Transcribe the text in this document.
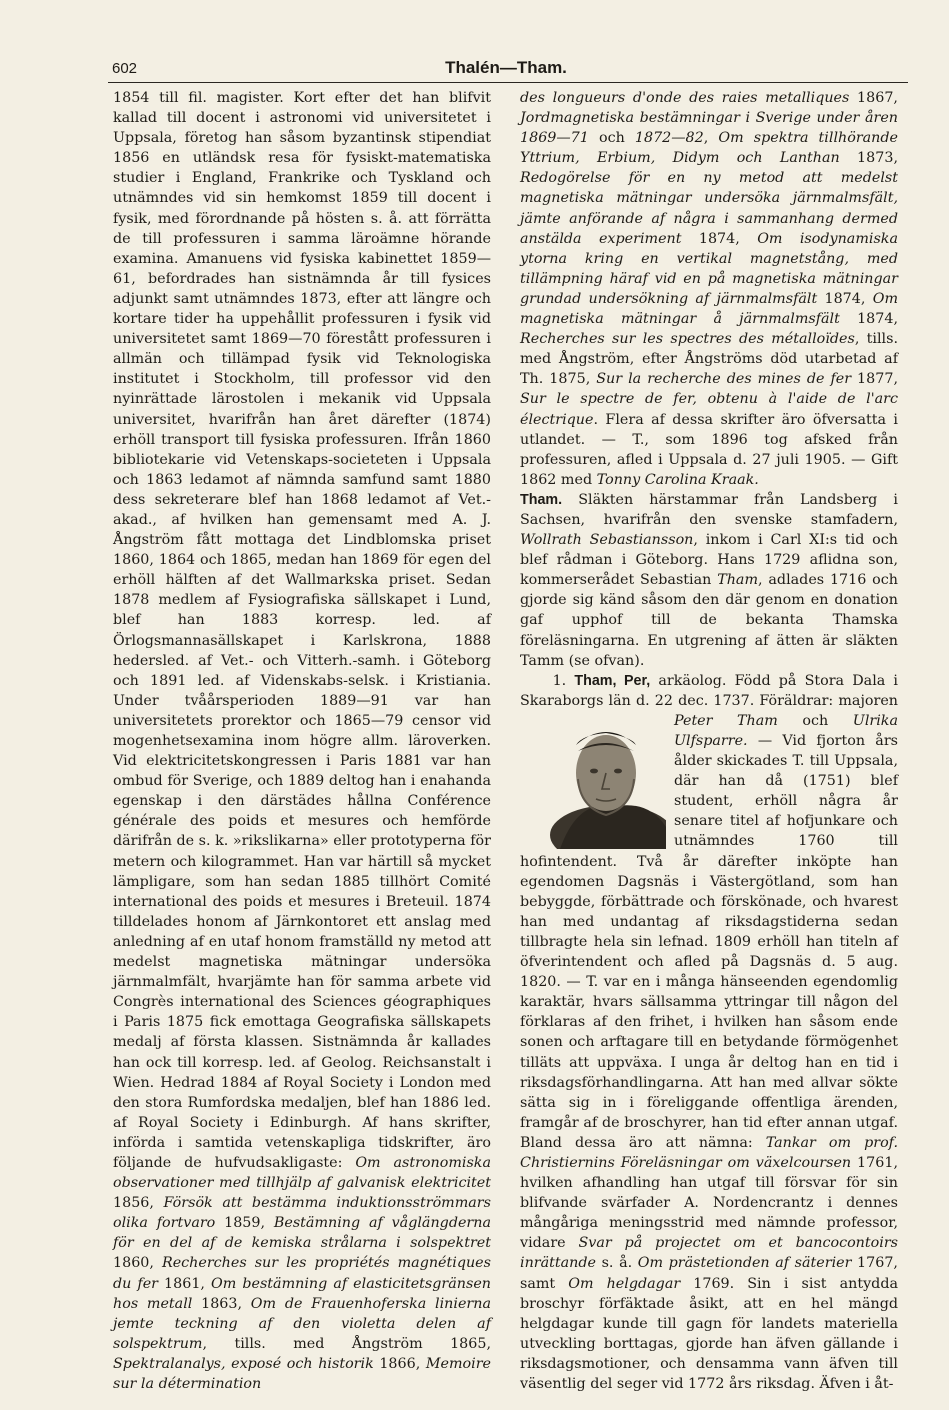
602	Thalén—Tham.

1854 till fil. magister. Kort efter det han blifvit kallad till docent i astronomi vid universitetet i Uppsala, företog han såsom byzantinsk stipendiat 1856 en utländsk resa för fysiskt-matematiska studier i England, Frankrike och Tyskland och utnämndes vid sin hemkomst 1859 till docent i fysik, med förordnande på hösten s. å. att förrätta de till professuren i samma läroämne hörande examina. Amanuens vid fysiska kabinettet 1859—61, befordrades han sistnämnda år till fysices adjunkt samt utnämndes 1873, efter att längre och kortare tider ha uppehållit professuren i fysik vid universitetet samt 1869—70 förestått professuren i allmän och tillämpad fysik vid Teknologiska institutet i Stockholm, till professor vid den nyinrättade lärostolen i mekanik vid Uppsala universitet, hvarifrån han året därefter (1874) erhöll transport till fysiska professuren. Ifrån 1860 bibliotekarie vid Vetenskaps-societeten i Uppsala och 1863 ledamot af nämnda samfund samt 1880 dess sekreterare blef han 1868 ledamot af Vet.-akad., af hvilken han gemensamt med A. J. Ångström fått mottaga det Lindblomska priset 1860, 1864 och 1865, medan han 1869 för egen del erhöll hälften af det Wallmarkska priset. Sedan 1878 medlem af Fysiografiska sällskapet i Lund, blef han 1883 korresp. led. af Örlogsmannasällskapet i Karlskrona, 1888 hedersled. af Vet.- och Vitterh.-samh. i Göteborg och 1891 led. af Videnskabs-selsk. i Kristiania. Under tvåårsperioden 1889—91 var han universitetets prorektor och 1865—79 censor vid mogenhetsexamina inom högre allm. läroverken. Vid elektricitetskongressen i Paris 1881 var han ombud för Sverige, och 1889 deltog han i enahanda egenskap i den därstädes hållna Conférence générale des poids et mesures och hemförde därifrån de s. k. »rikslikarna» eller prototyperna för metern och kilogrammet. Han var härtill så mycket lämpligare, som han sedan 1885 tillhört Comité international des poids et mesures i Breteuil. 1874 tilldelades honom af Järnkontoret ett anslag med anledning af en utaf honom framställd ny metod att medelst magnetiska mätningar undersöka järnmalmfält, hvarjämte han för samma arbete vid Congrès international des Sciences géographiques i Paris 1875 fick emottaga Geografiska sällskapets medalj af första klassen. Sistnämnda år kallades han ock till korresp. led. af Geolog. Reichsanstalt i Wien. Hedrad 1884 af Royal Society i London med den stora Rumfordska medaljen, blef han 1886 led. af Royal Society i Edinburgh. Af hans skrifter, införda i samtida vetenskapliga tidskrifter, äro följande de hufvudsakligaste: Om astronomiska observationer med tillhjälp af galvanisk elektricitet 1856, Försök att bestämma induktionsströmmars olika fortvaro 1859, Bestämning af våglängderna för en del af de kemiska strålarna i solspektret 1860, Recherches sur les propriétés magnétiques du fer 1861, Om bestämning af elasticitetsgränsen hos metall 1863, Om de Frauenhoferska linierna jemte teckning af den violetta delen af solspektrum, tills. med Ångström 1865, Spektralanalys, exposé och historik 1866, Memoire sur la détermination

des longueurs d'onde des raies metalliques 1867, Jordmagnetiska bestämningar i Sverige under åren 1869—71 och 1872—82, Om spektra tillhörande Yttrium, Erbium, Didym och Lanthan 1873, Redogörelse för en ny metod att medelst magnetiska mätningar undersöka järnmalmsfält, jämte anförande af några i sammanhang dermed anstälda experiment 1874, Om isodynamiska ytorna kring en vertikal magnetstång, med tillämpning häraf vid en på magnetiska mätningar grundad undersökning af järnmalmsfält 1874, Om magnetiska mätningar å järnmalmsfält 1874, Recherches sur les spectres des métalloïdes, tills. med Ångström, efter Ångströms död utarbetad af Th. 1875, Sur la recherche des mines de fer 1877, Sur le spectre de fer, obtenu à l'aide de l'arc électrique. Flera af dessa skrifter äro öfversatta i utlandet. — T., som 1896 tog afsked från professuren, afled i Uppsala d. 27 juli 1905. — Gift 1862 med Tonny Carolina Kraak.

Tham. Släkten härstammar från Landsberg i Sachsen, hvarifrån den svenske stamfadern, Wollrath Sebastiansson, inkom i Carl XI:s tid och blef rådman i Göteborg. Hans 1729 aflidna son, kommerserådet Sebastian Tham, adlades 1716 och gjorde sig känd såsom den där genom en donation gaf upphof till de bekanta Thamska föreläsningarna. En utgrening af ätten är släkten Tamm (se ofvan).

1. Tham, Per, arkäolog. Född på Stora Dala i Skaraborgs län d. 22 dec. 1737. Föräldrar: majoren
Peter Tham och Ulrika Ulfsparre. — Vid fjorton års ålder skickades T. till Uppsala, där han då (1751) blef student, erhöll några år senare titel af hofjunkare och utnämndes 1760 till hofintendent. Två år därefter inköpte han egendomen Dagsnäs i Västergötland, som han bebyggde, förbättrade och förskönade, och hvarest han med undantag af riksdagstiderna sedan tillbragte hela sin lefnad. 1809 erhöll han titeln af öfverintendent och afled på Dagsnäs d. 5 aug. 1820. — T. var en i många hänseenden egendomlig karaktär, hvars sällsamma yttringar till någon del förklaras af den frihet, i hvilken han såsom ende sonen och arftagare till en betydande förmögenhet tilläts att uppväxa. I unga år deltog han en tid i riksdagsförhandlingarna. Att han med allvar sökte sätta sig in i föreliggande offentliga ärenden, framgår af de broschyrer, han tid efter annan utgaf. Bland dessa äro att nämna: Tankar om prof. Christiernins Föreläsningar om växelcoursen 1761, hvilken afhandling han utgaf till försvar för sin blifvande svärfader A. Nordencrantz i dennes mångåriga meningsstrid med nämnde professor, vidare Svar på projectet om et bancocontoirs inrättande s. å. Om prästetionden af säterier 1767, samt Om helgdagar 1769. Sin i sist antydda broschyr förfäktade åsikt, att en hel mängd helgdagar kunde till gagn för landets materiella utveckling borttagas, gjorde han äfven gällande i riksdagsmotioner, och densamma vann äfven till väsentlig del seger vid 1772 års riksdag. Äfven i åt-
